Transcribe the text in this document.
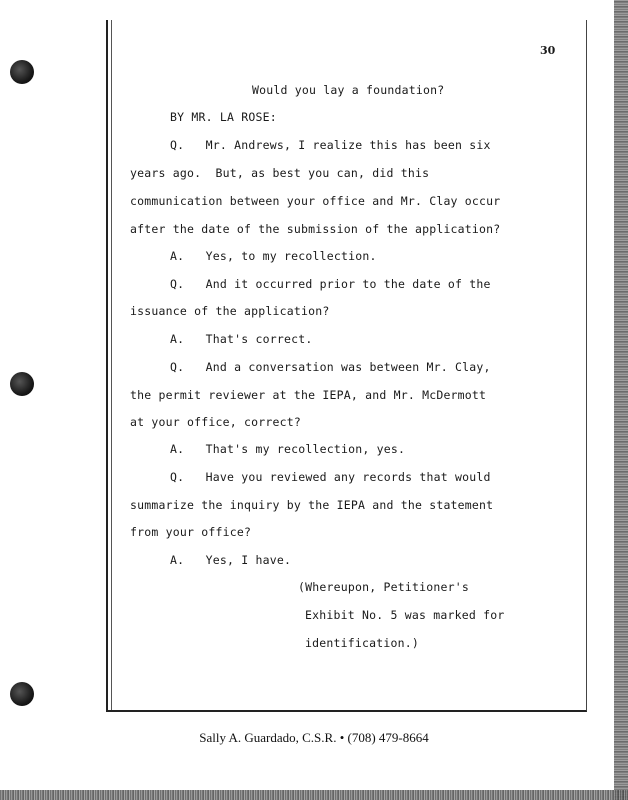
30
Would you lay a foundation?
BY MR. LA ROSE:
Q.   Mr. Andrews, I realize this has been six
years ago.  But, as best you can, did this
communication between your office and Mr. Clay occur
after the date of the submission of the application?
A.   Yes, to my recollection.
Q.   And it occurred prior to the date of the
issuance of the application?
A.   That's correct.
Q.   And a conversation was between Mr. Clay,
the permit reviewer at the IEPA, and Mr. McDermott
at your office, correct?
A.   That's my recollection, yes.
Q.   Have you reviewed any records that would
summarize the inquiry by the IEPA and the statement
from your office?
A.   Yes, I have.
(Whereupon, Petitioner's
Exhibit No. 5 was marked for
identification.)
Sally A. Guardado, C.S.R. • (708) 479-8664
